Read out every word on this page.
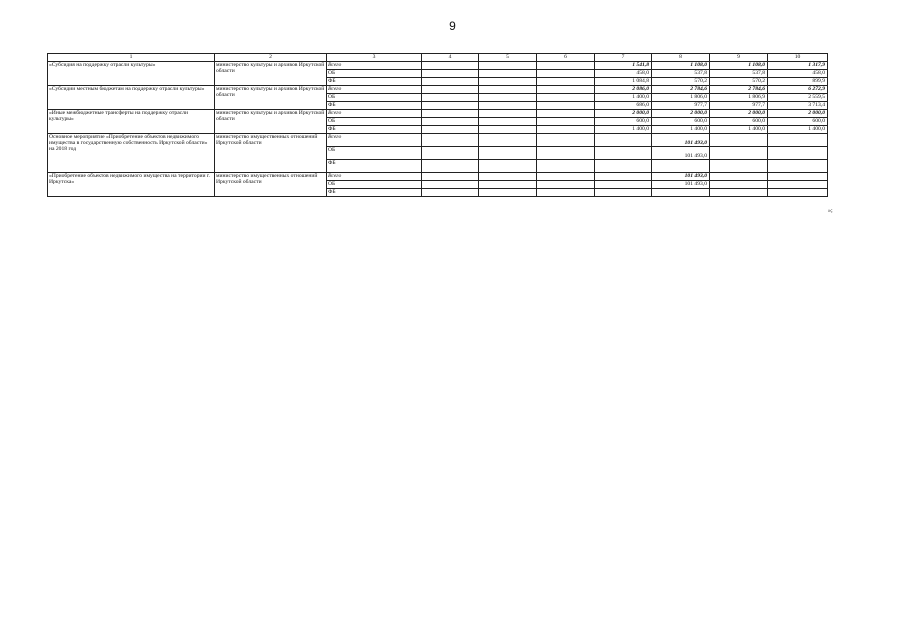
9
1	2	3	4	5	6	7	8	9	10
«Субсидия на поддержку отрасли культуры»	министерство культуры и архивов Иркутской области	Всего				1 541,8	1 108,0	1 108,0	1 317,9
		ОБ				458,0	537,8	537,8	458,0
		ФБ				1 084,8	570,2	570,2	899,9
«Субсидии местным бюджетам на поддержку отрасли культуры»	министерство культуры и архивов Иркутской области	Всего				2 086,0	2 784,6	2 784,6	6 272,9
		ОБ				1 400,0	1 806,0	1 806,9	2 559,5
		ФБ				686,0	977,7	977,7	3 713,4
«Иные межбюджетные трансферты на поддержку отрасли культуры»	министерство культуры и архивов Иркутской области	Всего				2 000,0	2 000,0	2 000,0	2 000,0
		ОБ				600,0	600,0	600,0	600,0
		ФБ				1 400,0	1 400,0	1 400,0	1 400,0
Основное мероприятие «Приобретение объектов недвижимого имущества в государственную собственность Иркутской области» на 2018 год	министерство имущественных отношений Иркутской области	Всего					101 493,0		
		ОБ					101 493,0		
		ФБ							
«Приобретение объектов недвижимого имущества на территории г. Иркутска»	министерство имущественных отношений Иркутской области	Всего					101 493,0		
		ОБ					101 493,0		
		ФБ							
»;
